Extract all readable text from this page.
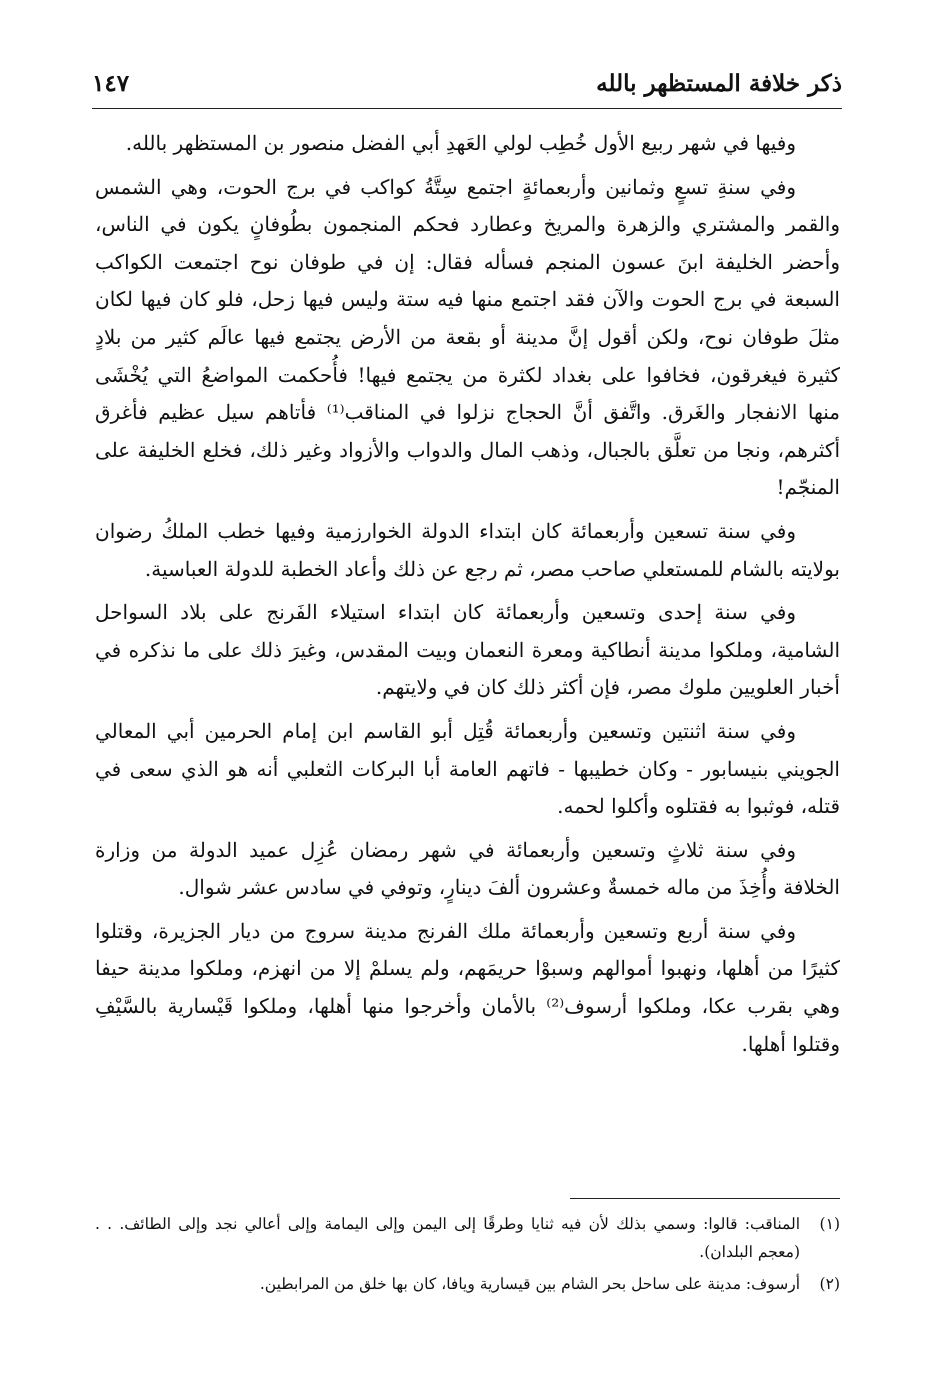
ذكر خلافة المستظهر بالله
١٤٧

وفيها في شهر ربيع الأول خُطِب لولي العَهدِ أبي الفضل منصور بن المستظهر بالله.

وفي سنةِ تسعٍ وثمانين وأربعمائةٍ اجتمع سِتَّةُ كواكب في برج الحوت، وهي الشمس والقمر والمشتري والزهرة والمريخ وعطارد فحكم المنجمون بطُوفانٍ يكون في الناس، وأحضر الخليفة ابنَ عسون المنجم فسأله فقال: إن في طوفان نوح اجتمعت الكواكب السبعة في برج الحوت والآن فقد اجتمع منها فيه ستة وليس فيها زحل، فلو كان فيها لكان مثلَ طوفان نوح، ولكن أقول إنَّ مدينة أو بقعة من الأرض يجتمع فيها عالَم كثير من بلادٍ كثيرة فيغرقون، فخافوا على بغداد لكثرة من يجتمع فيها! فأُحكمت المواضعُ التي يُخْشَى منها الانفجار والغَرق. واتَّفق أنَّ الحجاج نزلوا في المناقب⁽¹⁾ فأتاهم سيل عظيم فأغرق أكثرهم، ونجا من تعلَّق بالجبال، وذهب المال والدواب والأزواد وغير ذلك، فخلع الخليفة على المنجّم!

وفي سنة تسعين وأربعمائة كان ابتداء الدولة الخوارزمية وفيها خطب الملكُ رضوان بولايته بالشام للمستعلي صاحب مصر، ثم رجع عن ذلك وأعاد الخطبة للدولة العباسية.

وفي سنة إحدى وتسعين وأربعمائة كان ابتداء استيلاء الفَرنج على بلاد السواحل الشامية، وملكوا مدينة أنطاكية ومعرة النعمان وبيت المقدس، وغيرَ ذلك على ما نذكره في أخبار العلويين ملوك مصر، فإن أكثر ذلك كان في ولايتهم.

وفي سنة اثنتين وتسعين وأربعمائة قُتِل أبو القاسم ابن إمام الحرمين أبي المعالي الجويني بنيسابور - وكان خطيبها - فاتهم العامة أبا البركات الثعلبي أنه هو الذي سعى في قتله، فوثبوا به فقتلوه وأكلوا لحمه.

وفي سنة ثلاثٍ وتسعين وأربعمائة في شهر رمضان عُزِل عميد الدولة من وزارة الخلافة وأُخِذَ من ماله خمسةٌ وعشرون ألفَ دينارٍ، وتوفي في سادس عشر شوال.

وفي سنة أربع وتسعين وأربعمائة ملك الفرنج مدينة سروج من ديار الجزيرة، وقتلوا كثيرًا من أهلها، ونهبوا أموالهم وسبوْا حريمَهم، ولم يسلمْ إلا من انهزم، وملكوا مدينة حيفا وهي بقرب عكا، وملكوا أرسوف⁽²⁾ بالأمان وأخرجوا منها أهلها، وملكوا قَيْسارية بالسَّيْفِ وقتلوا أهلها.

(١)
المناقب: قالوا: وسمي بذلك لأن فيه ثنايا وطرقًا إلى اليمن وإلى اليمامة وإلى أعالي نجد وإلى الطائف. . . (معجم البلدان).
(٢)
أرسوف: مدينة على ساحل بحر الشام بين قيسارية ويافا، كان بها خلق من المرابطين.
